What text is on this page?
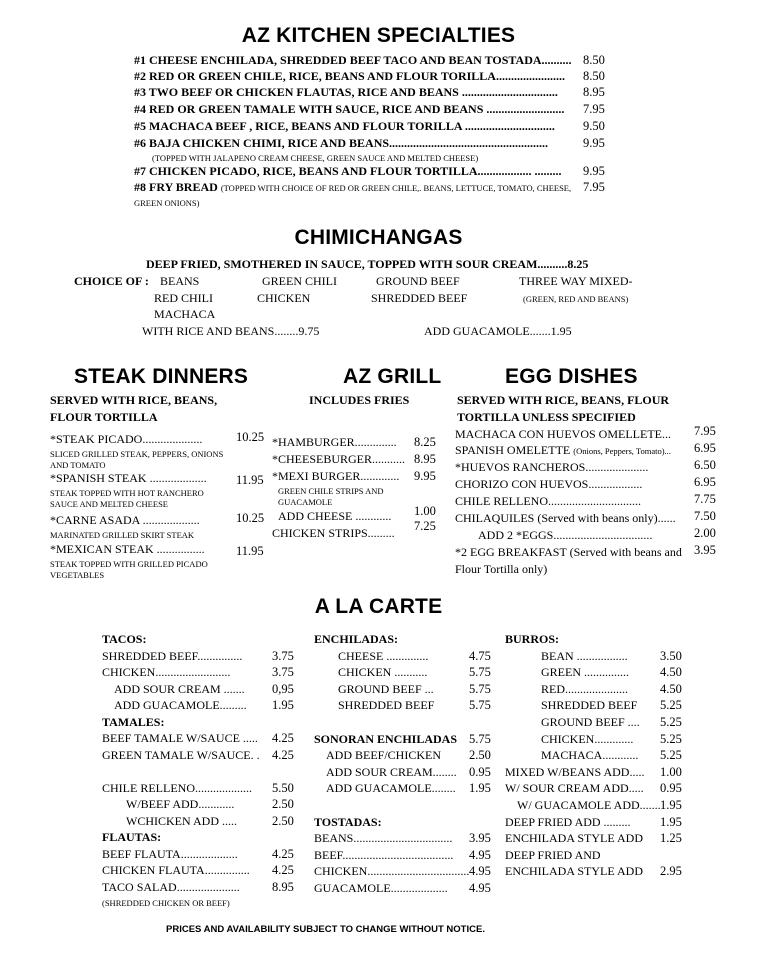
AZ KITCHEN SPECIALTIES
#1 CHEESE ENCHILADA, SHREDDED BEEF TACO AND BEAN TOSTADA.......... 8.50
#2 RED OR GREEN CHILE, RICE, BEANS AND FLOUR TORILLA....................... 8.50
#3 TWO BEEF OR CHICKEN FLAUTAS, RICE AND BEANS ................................ 8.95
#4 RED OR GREEN TAMALE WITH SAUCE, RICE AND BEANS .......................... 7.95
#5 MACHACA BEEF , RICE, BEANS AND FLOUR TORILLA .............................. 9.50
#6 BAJA CHICKEN CHIMI, RICE AND BEANS.....................................................	9.95
#7 CHICKEN PICADO, RICE, BEANS AND FLOUR TORTILLA.................. ......... 9.95
(TOPPED WITH JALAPENO CREAM CHEESE, GREEN SAUCE AND MELTED CHEESE)
#8 FRY BREAD (TOPPED WITH CHOICE OF RED OR GREEN CHILE,. BEANS, LETTUCE, TOMATO, CHEESE, 7.95
GREEN ONIONS)
CHIMICHANGAS
DEEP FRIED, SMOTHERED IN SAUCE, TOPPED WITH SOUR CREAM..........8.25
CHOICE OF : BEANS	GREEN CHILI	GROUND BEEF	THREE WAY MIXED-
RED CHILI	CHICKEN	SHREDDED BEEF	(GREEN, RED AND BEANS)
MACHACA
WITH RICE AND BEANS........9.75	ADD GUACAMOLE.......1.95
STEAK DINNERS
SERVED WITH RICE, BEANS,
FLOUR TORTILLA
*STEAK PICADO....................	10.25
SLICED GRILLED STEAK, PEPPERS, ONIONS
AND TOMATO
*SPANISH STEAK ................... 11.95
STEAK TOPPED WITH HOT RANCHERO
SAUCE AND MELTED CHEESE
*CARNE ASADA ...................	10.25
MARINATED GRILLED SKIRT STEAK
*MEXICAN STEAK ................	11.95
STEAK TOPPED WITH GRILLED PICADO
VEGETABLES
AZ GRILL
INCLUDES FRIES
*HAMBURGER.............. 8.25
*CHEESEBURGER........... 8.95
*MEXI BURGER............. 9.95
GREEN CHILE STRIPS AND
GUACAMOLE
ADD CHEESE ............ 1.00
CHICKEN STRIPS......... 7.25
EGG DISHES
SERVED WITH RICE, BEANS, FLOUR
TORTILLA UNLESS SPECIFIED
MACHACA CON HUEVOS OMELLETE... 7.95
SPANISH OMELETTE (Onions, Peppers, Tomato)... 6.95
*HUEVOS RANCHEROS.....................	6.50
CHORIZO CON HUEVOS..................	6.95
CHILE RELLENO...............................	7.75
CHILAQUILES (Served with beans only)...... 7.50
ADD 2 *EGGS.................................	2.00
*2 EGG BREAKFAST (Served with beans and 3.95
Flour Tortilla only)
A LA CARTE
TACOS:
SHREDDED BEEF............... 3.75
CHICKEN.........................	3.75
ADD SOUR CREAM ....... 0,95
ADD GUACAMOLE......... 1.95
TAMALES:
BEEF TAMALE W/SAUCE ..... 4.25
GREEN TAMALE W/SAUCE. . 4.25
CHILE RELLENO................... 5.50
W/BEEF ADD............	2.50
WCHICKEN ADD .....	2.50
FLAUTAS:
BEEF FLAUTA...................	4.25
CHICKEN FLAUTA............... 4.25
TACO SALAD.....................	8.95
ENCHILADAS:
CHEESE ..............	4.75
CHICKEN ...........	5.75
GROUND BEEF ...	5.75
SHREDDED BEEF	5.75
SONORAN ENCHILADAS 5.75
ADD BEEF/CHICKEN 2.50
ADD SOUR CREAM........ 0.95
ADD GUACAMOLE........ 1.95
TOSTADAS:
BEANS................................. 3.95
BEEF..................................... 4.95
CHICKEN.................................. 4.95
GUACAMOLE................... 4.95
BURROS:
BEAN .................	3.50
GREEN ............... 4.50
RED.....................	4.50
SHREDDED BEEF 5.25
GROUND BEEF .... 5.25
CHICKEN............. 5.25
MACHACA............ 5.25
MIXED W/BEANS ADD..... 1.00
W/ SOUR CREAM ADD..... 0.95
W/ GUACAMOLE ADD....... 1.95
DEEP FRIED ADD ......... 1.95
ENCHILADA STYLE ADD 1.25
DEEP FRIED AND
ENCHILADA STYLE ADD 2.95
(SHREDDED CHICKEN OR BEEF)
PRICES AND AVAILABILITY SUBJECT TO CHANGE WITHOUT NOTICE.
